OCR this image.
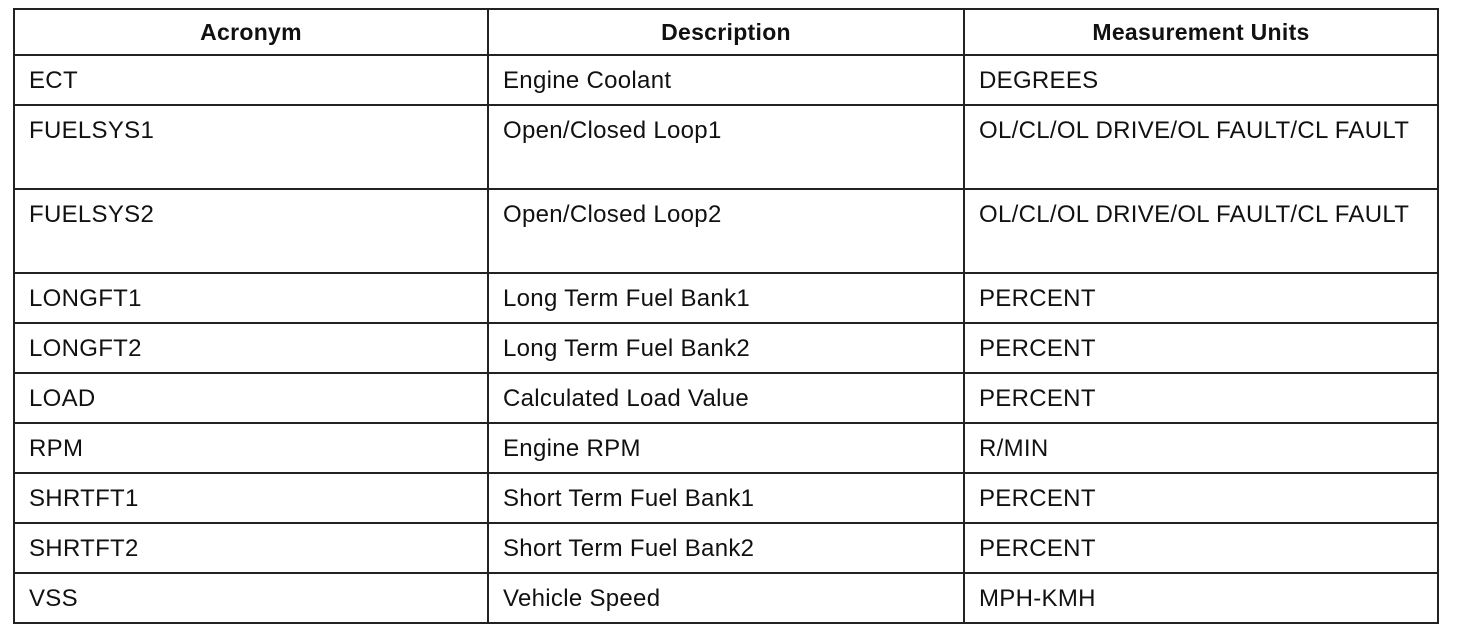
Acronym	Description	Measurement Units
ECT	Engine Coolant	DEGREES
FUELSYS1	Open/Closed Loop1	OL/CL/OL DRIVE/OL FAULT/CL FAULT
FUELSYS2	Open/Closed Loop2	OL/CL/OL DRIVE/OL FAULT/CL FAULT
LONGFT1	Long Term Fuel Bank1	PERCENT
LONGFT2	Long Term Fuel Bank2	PERCENT
LOAD	Calculated Load Value	PERCENT
RPM	Engine RPM	R/MIN
SHRTFT1	Short Term Fuel Bank1	PERCENT
SHRTFT2	Short Term Fuel Bank2	PERCENT
VSS	Vehicle Speed	MPH-KMH
